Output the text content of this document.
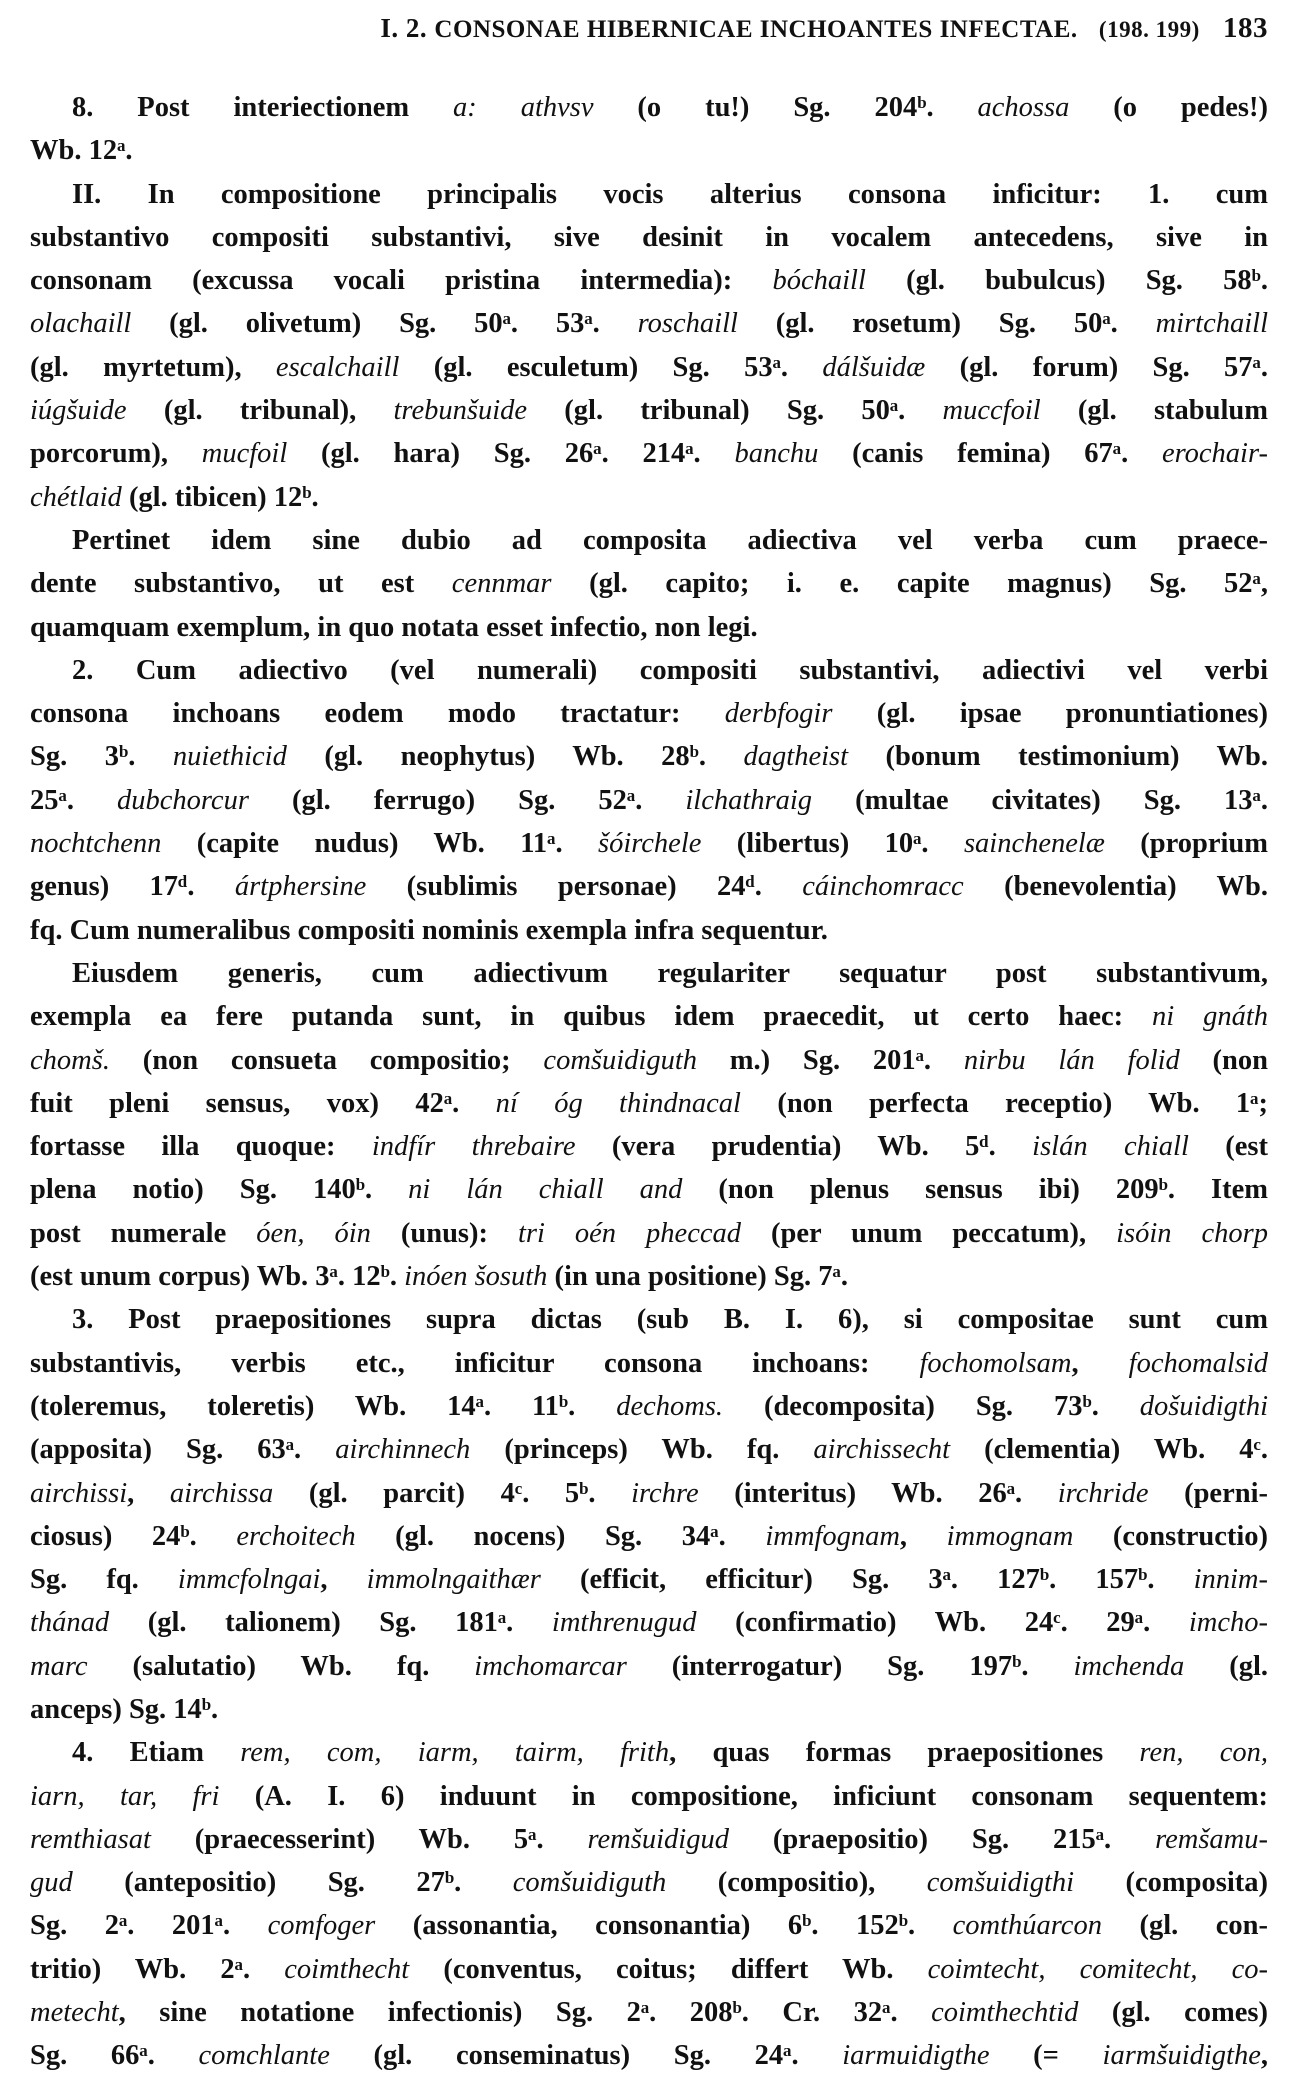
I. 2. CONSONAE HIBERNICAE INCHOANTES INFECTAE. (198. 199) 183
8. Post interiectionem a: athvsv (o tu!) Sg. 204ᵇ. achossa (o pedes!)
Wb. 12ᵃ.
II. In compositione principalis vocis alterius consona inficitur: 1. cum
substantivo compositi substantivi, sive desinit in vocalem antecedens, sive in
consonam (excussa vocali pristina intermedia): bóchaill (gl. bubulcus) Sg. 58ᵇ.
olachaill (gl. olivetum) Sg. 50ᵃ. 53ᵃ. roschaill (gl. rosetum) Sg. 50ᵃ. mirtchaill
(gl. myrtetum), escalchaill (gl. esculetum) Sg. 53ᵃ. dálšuidæ (gl. forum) Sg. 57ᵃ.
iúgšuide (gl. tribunal), trebunšuide (gl. tribunal) Sg. 50ᵃ. muccfoil (gl. stabulum
porcorum), mucfoil (gl. hara) Sg. 26ᵃ. 214ᵃ. banchu (canis femina) 67ᵃ. erochair-
chétlaid (gl. tibicen) 12ᵇ.
Pertinet idem sine dubio ad composita adiectiva vel verba cum praece-
dente substantivo, ut est cennmar (gl. capito; i. e. capite magnus) Sg. 52ᵃ,
quamquam exemplum, in quo notata esset infectio, non legi.
2. Cum adiectivo (vel numerali) compositi substantivi, adiectivi vel verbi
consona inchoans eodem modo tractatur: derbfogir (gl. ipsae pronuntiationes)
Sg. 3ᵇ. nuiethicid (gl. neophytus) Wb. 28ᵇ. dagtheist (bonum testimonium) Wb.
25ᵃ. dubchorcur (gl. ferrugo) Sg. 52ᵃ. ilchathraig (multae civitates) Sg. 13ᵃ.
nochtchenn (capite nudus) Wb. 11ᵃ. šóirchele (libertus) 10ᵃ. sainchenelæ (proprium
genus) 17ᵈ. ártphersine (sublimis personae) 24ᵈ. cáinchomracc (benevolentia) Wb.
fq. Cum numeralibus compositi nominis exempla infra sequentur.
Eiusdem generis, cum adiectivum regulariter sequatur post substantivum,
exempla ea fere putanda sunt, in quibus idem praecedit, ut certo haec: ni gnáth
chomš. (non consueta compositio; comšuidiguth m.) Sg. 201ᵃ. nirbu lán folid (non
fuit pleni sensus, vox) 42ᵃ. ní óg thindnacal (non perfecta receptio) Wb. 1ᵃ;
fortasse illa quoque: indfír threbaire (vera prudentia) Wb. 5ᵈ. islán chiall (est
plena notio) Sg. 140ᵇ. ni lán chiall and (non plenus sensus ibi) 209ᵇ. Item
post numerale óen, óin (unus): tri oén pheccad (per unum peccatum), isóin chorp
(est unum corpus) Wb. 3ᵃ. 12ᵇ. inóen šosuth (in una positione) Sg. 7ᵃ.
3. Post praepositiones supra dictas (sub B. I. 6), si compositae sunt cum
substantivis, verbis etc., inficitur consona inchoans: fochomolsam, fochomalsid
(toleremus, toleretis) Wb. 14ᵃ. 11ᵇ. dechoms. (decomposita) Sg. 73ᵇ. došuidigthi
(apposita) Sg. 63ᵃ. airchinnech (princeps) Wb. fq. airchissecht (clementia) Wb. 4ᶜ.
airchissi, airchissa (gl. parcit) 4ᶜ. 5ᵇ. irchre (interitus) Wb. 26ᵃ. irchride (perni-
ciosus) 24ᵇ. erchoitech (gl. nocens) Sg. 34ᵃ. immfognam, immognam (constructio)
Sg. fq. immcfolngai, immolngaithær (efficit, efficitur) Sg. 3ᵃ. 127ᵇ. 157ᵇ. innim-
thánad (gl. talionem) Sg. 181ᵃ. imthrenugud (confirmatio) Wb. 24ᶜ. 29ᵃ. imcho-
marc (salutatio) Wb. fq. imchomarcar (interrogatur) Sg. 197ᵇ. imchenda (gl.
anceps) Sg. 14ᵇ.
4. Etiam rem, com, iarm, tairm, frith, quas formas praepositiones ren, con,
iarn, tar, fri (A. I. 6) induunt in compositione, inficiunt consonam sequentem:
remthiasat (praecesserint) Wb. 5ᵃ. remšuidigud (praepositio) Sg. 215ᵃ. remšamu-
gud (antepositio) Sg. 27ᵇ. comšuidiguth (compositio), comšuidigthi (composita)
Sg. 2ᵃ. 201ᵃ. comfoger (assonantia, consonantia) 6ᵇ. 152ᵇ. comthúarcon (gl. con-
tritio) Wb. 2ᵃ. coimthecht (conventus, coitus; differt Wb. coimtecht, comitecht, co-
metecht, sine notatione infectionis) Sg. 2ᵃ. 208ᵇ. Cr. 32ᵃ. coimthechtid (gl. comes)
Sg. 66ᵃ. comchlante (gl. conseminatus) Sg. 24ᵃ. iarmuidigthe (= iarmšuidigthe,
